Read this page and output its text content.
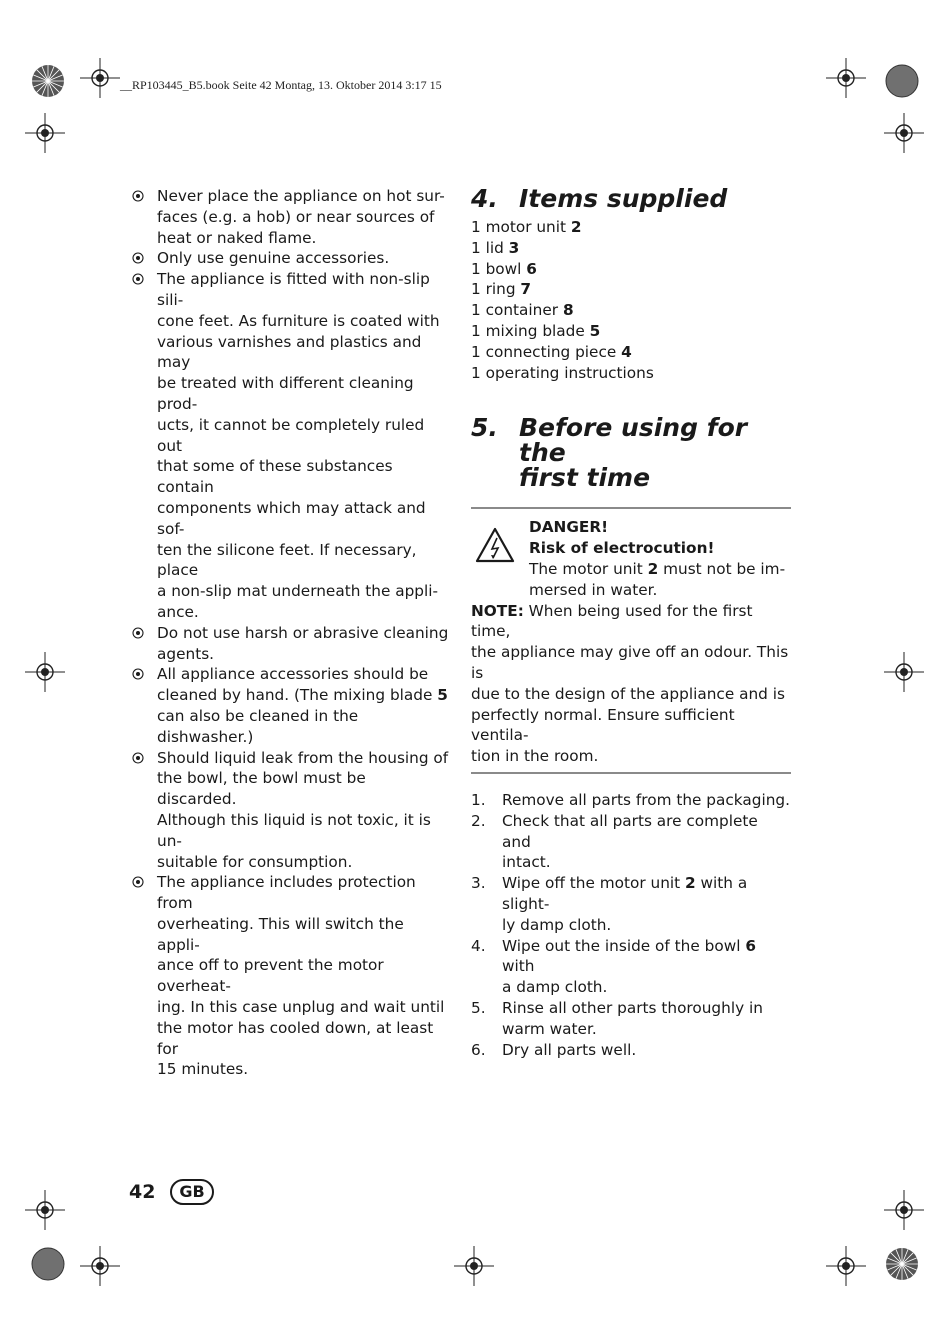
__RP103445_B5.book Seite 42 Montag, 13. Oktober 2014 3:17 15
Never place the appliance on hot sur-
faces (e.g. a hob) or near sources of
heat or naked flame.
Only use genuine accessories.
The appliance is fitted with non-slip sili-
cone feet. As furniture is coated with
various varnishes and plastics and may
be treated with different cleaning prod-
ucts, it cannot be completely ruled out
that some of these substances contain
components which may attack and sof-
ten the silicone feet. If necessary, place
a non-slip mat underneath the appli-
ance.
Do not use harsh or abrasive cleaning
agents.
All appliance accessories should be
cleaned by hand. (The mixing blade 5
can also be cleaned in the dishwasher.)
Should liquid leak from the housing of
the bowl, the bowl must be discarded.
Although this liquid is not toxic, it is un-
suitable for consumption.
The appliance includes protection from
overheating. This will switch the appli-
ance off to prevent the motor overheat-
ing. In this case unplug and wait until
the motor has cooled down, at least for
15 minutes.
4. Items supplied
1 motor unit 2
1 lid 3
1 bowl 6
1 ring 7
1 container 8
1 mixing blade 5
1 connecting piece 4
1 operating instructions
5. Before using for the
first time
DANGER!
Risk of electrocution!
The motor unit 2 must not be im-
mersed in water.
NOTE: When being used for the first time,
the appliance may give off an odour. This is
due to the design of the appliance and is
perfectly normal. Ensure sufficient ventila-
tion in the room.
1. Remove all parts from the packaging.
2. Check that all parts are complete and
intact.
3. Wipe off the motor unit 2 with a slight-
ly damp cloth.
4. Wipe out the inside of the bowl 6 with
a damp cloth.
5. Rinse all other parts thoroughly in
warm water.
6. Dry all parts well.
42	GB
